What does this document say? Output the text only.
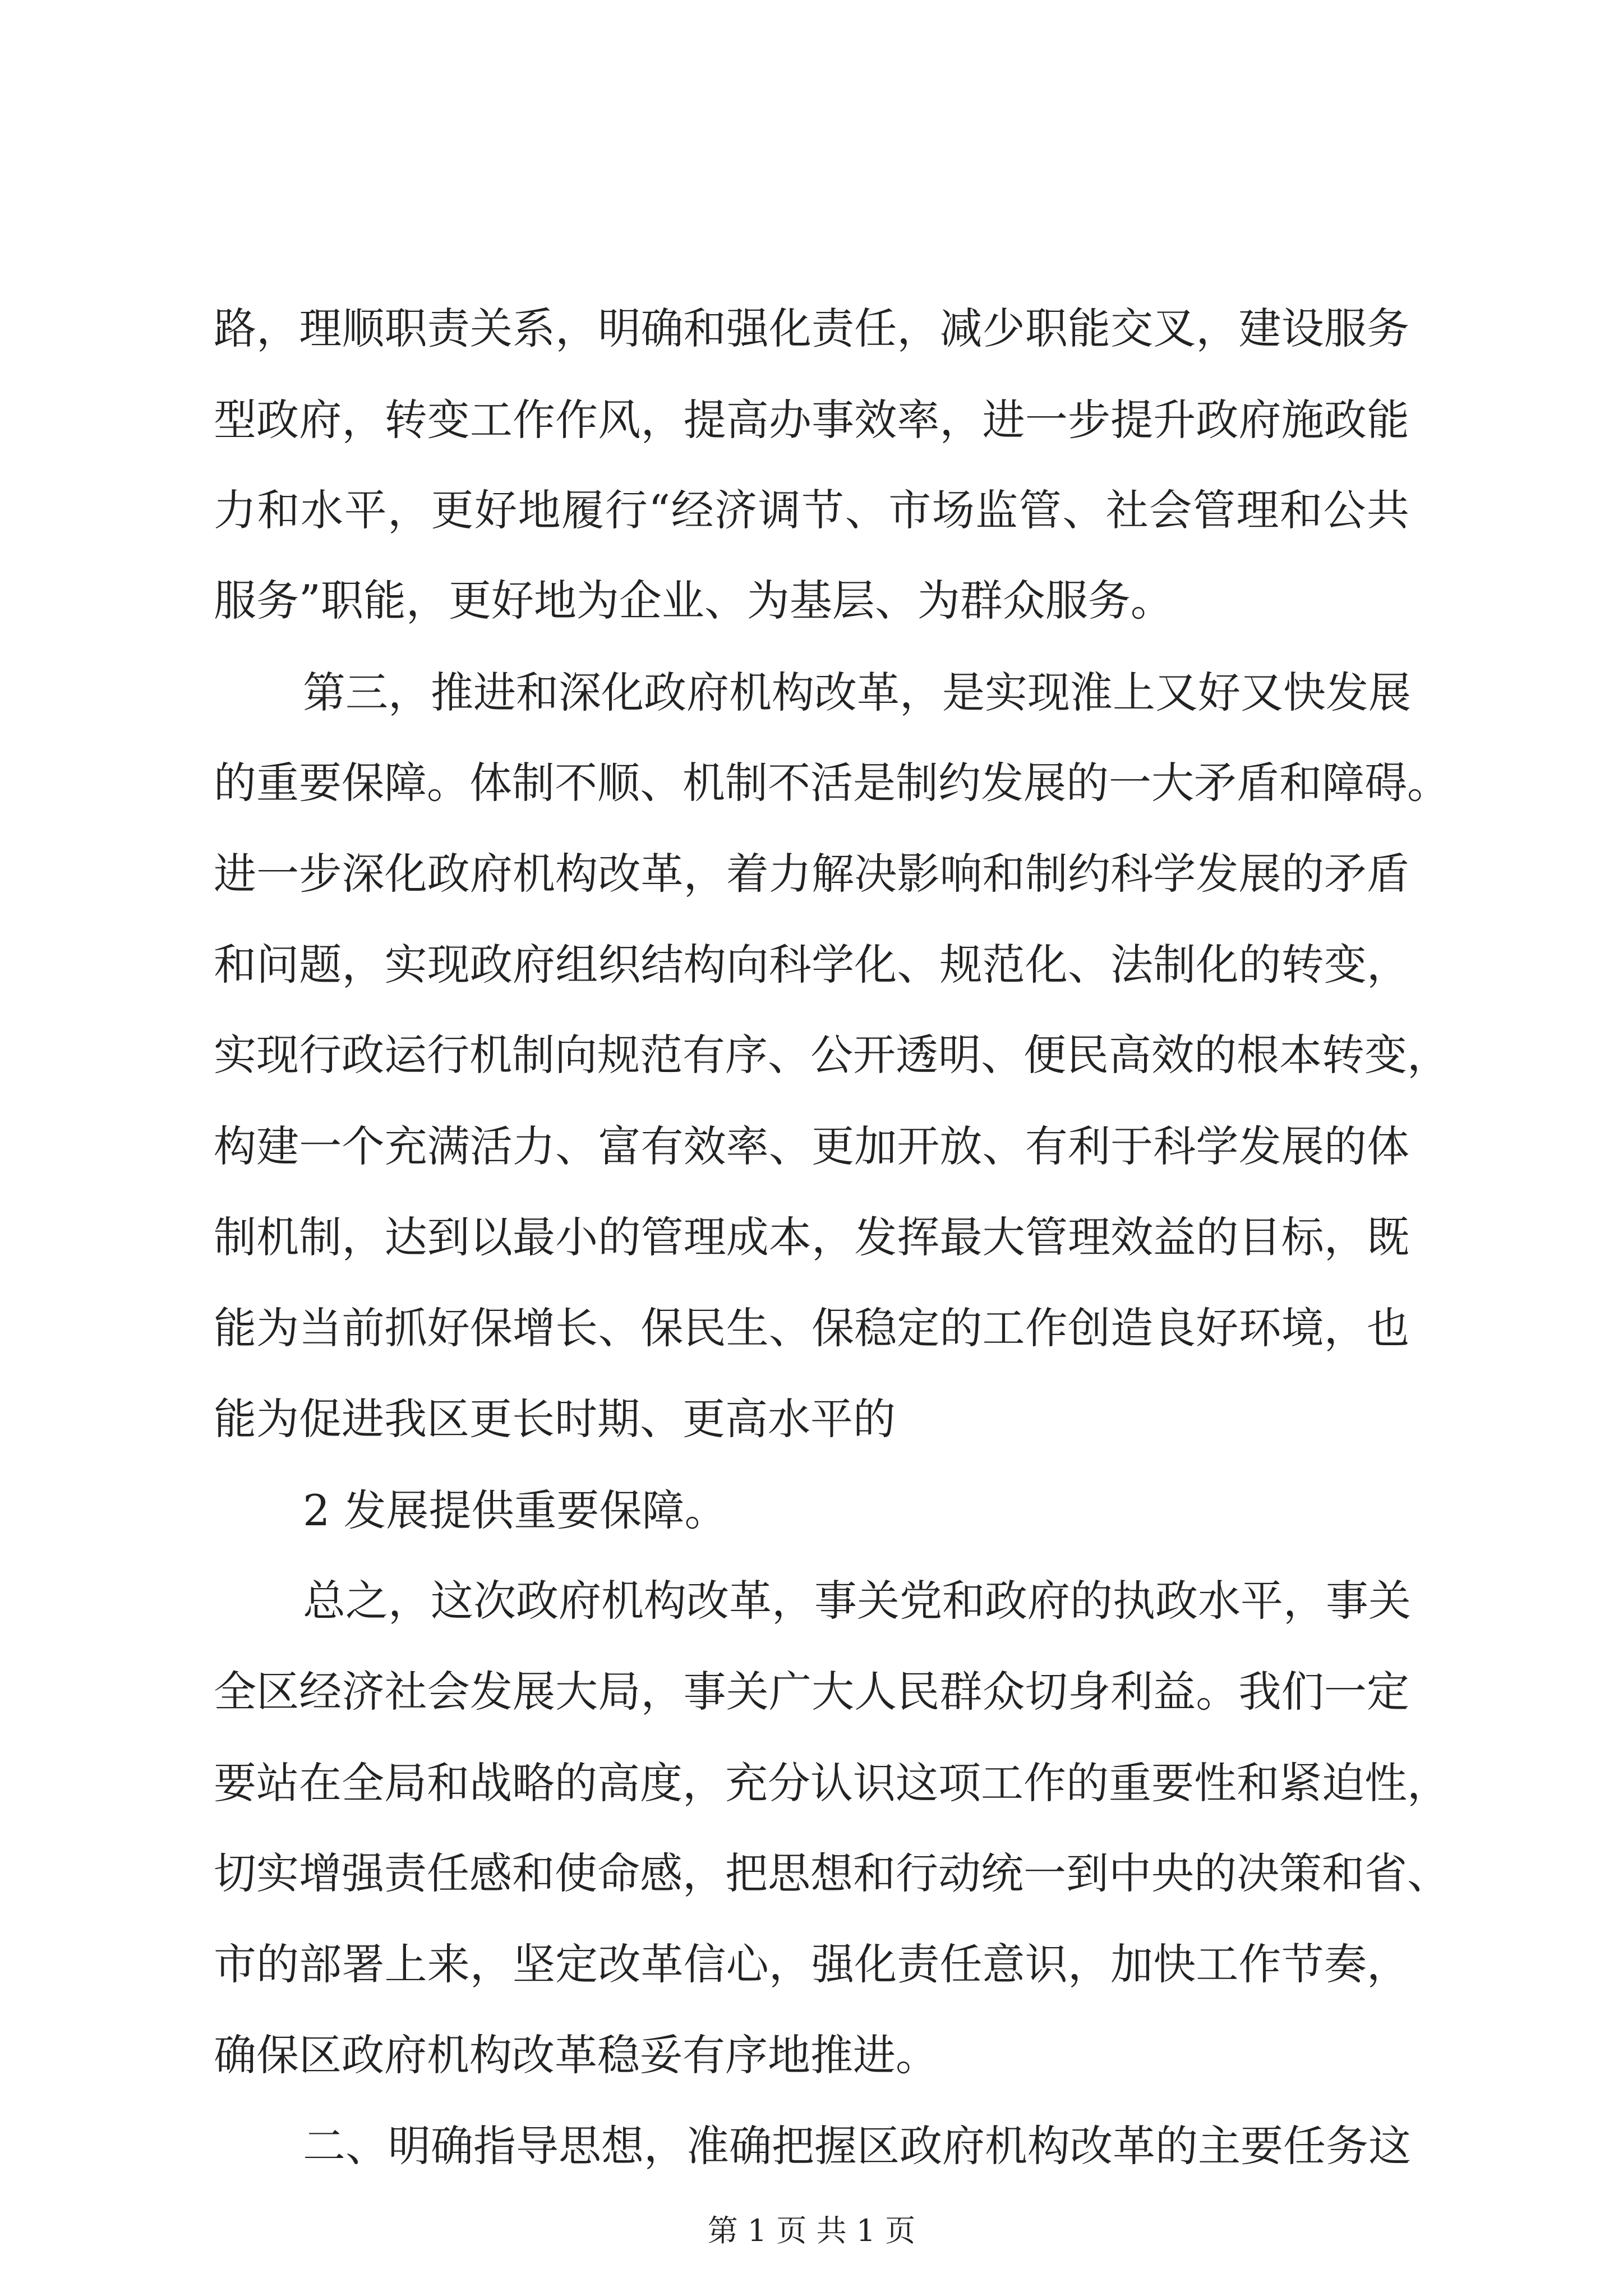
路，理顺职责关系，明确和强化责任，减少职能交叉，建设服务
型政府，转变工作作风，提高办事效率，进一步提升政府施政能
力和水平，更好地履行“经济调节、市场监管、社会管理和公共
服务”职能，更好地为企业、为基层、为群众服务。
第三，推进和深化政府机构改革，是实现淮上又好又快发展
的重要保障。体制不顺、机制不活是制约发展的一大矛盾和障碍。
进一步深化政府机构改革，着力解决影响和制约科学发展的矛盾
和问题，实现政府组织结构向科学化、规范化、法制化的转变，
实现行政运行机制向规范有序、公开透明、便民高效的根本转变，
构建一个充满活力、富有效率、更加开放、有利于科学发展的体
制机制，达到以最小的管理成本，发挥最大管理效益的目标，既
能为当前抓好保增长、保民生、保稳定的工作创造良好环境，也
能为促进我区更长时期、更高水平的
2 发展提供重要保障。
总之，这次政府机构改革，事关党和政府的执政水平，事关
全区经济社会发展大局，事关广大人民群众切身利益。我们一定
要站在全局和战略的高度，充分认识这项工作的重要性和紧迫性，
切实增强责任感和使命感，把思想和行动统一到中央的决策和省、
市的部署上来，坚定改革信心，强化责任意识，加快工作节奏，
确保区政府机构改革稳妥有序地推进。
二、明确指导思想，准确把握区政府机构改革的主要任务这
第 1 页 共 1 页
